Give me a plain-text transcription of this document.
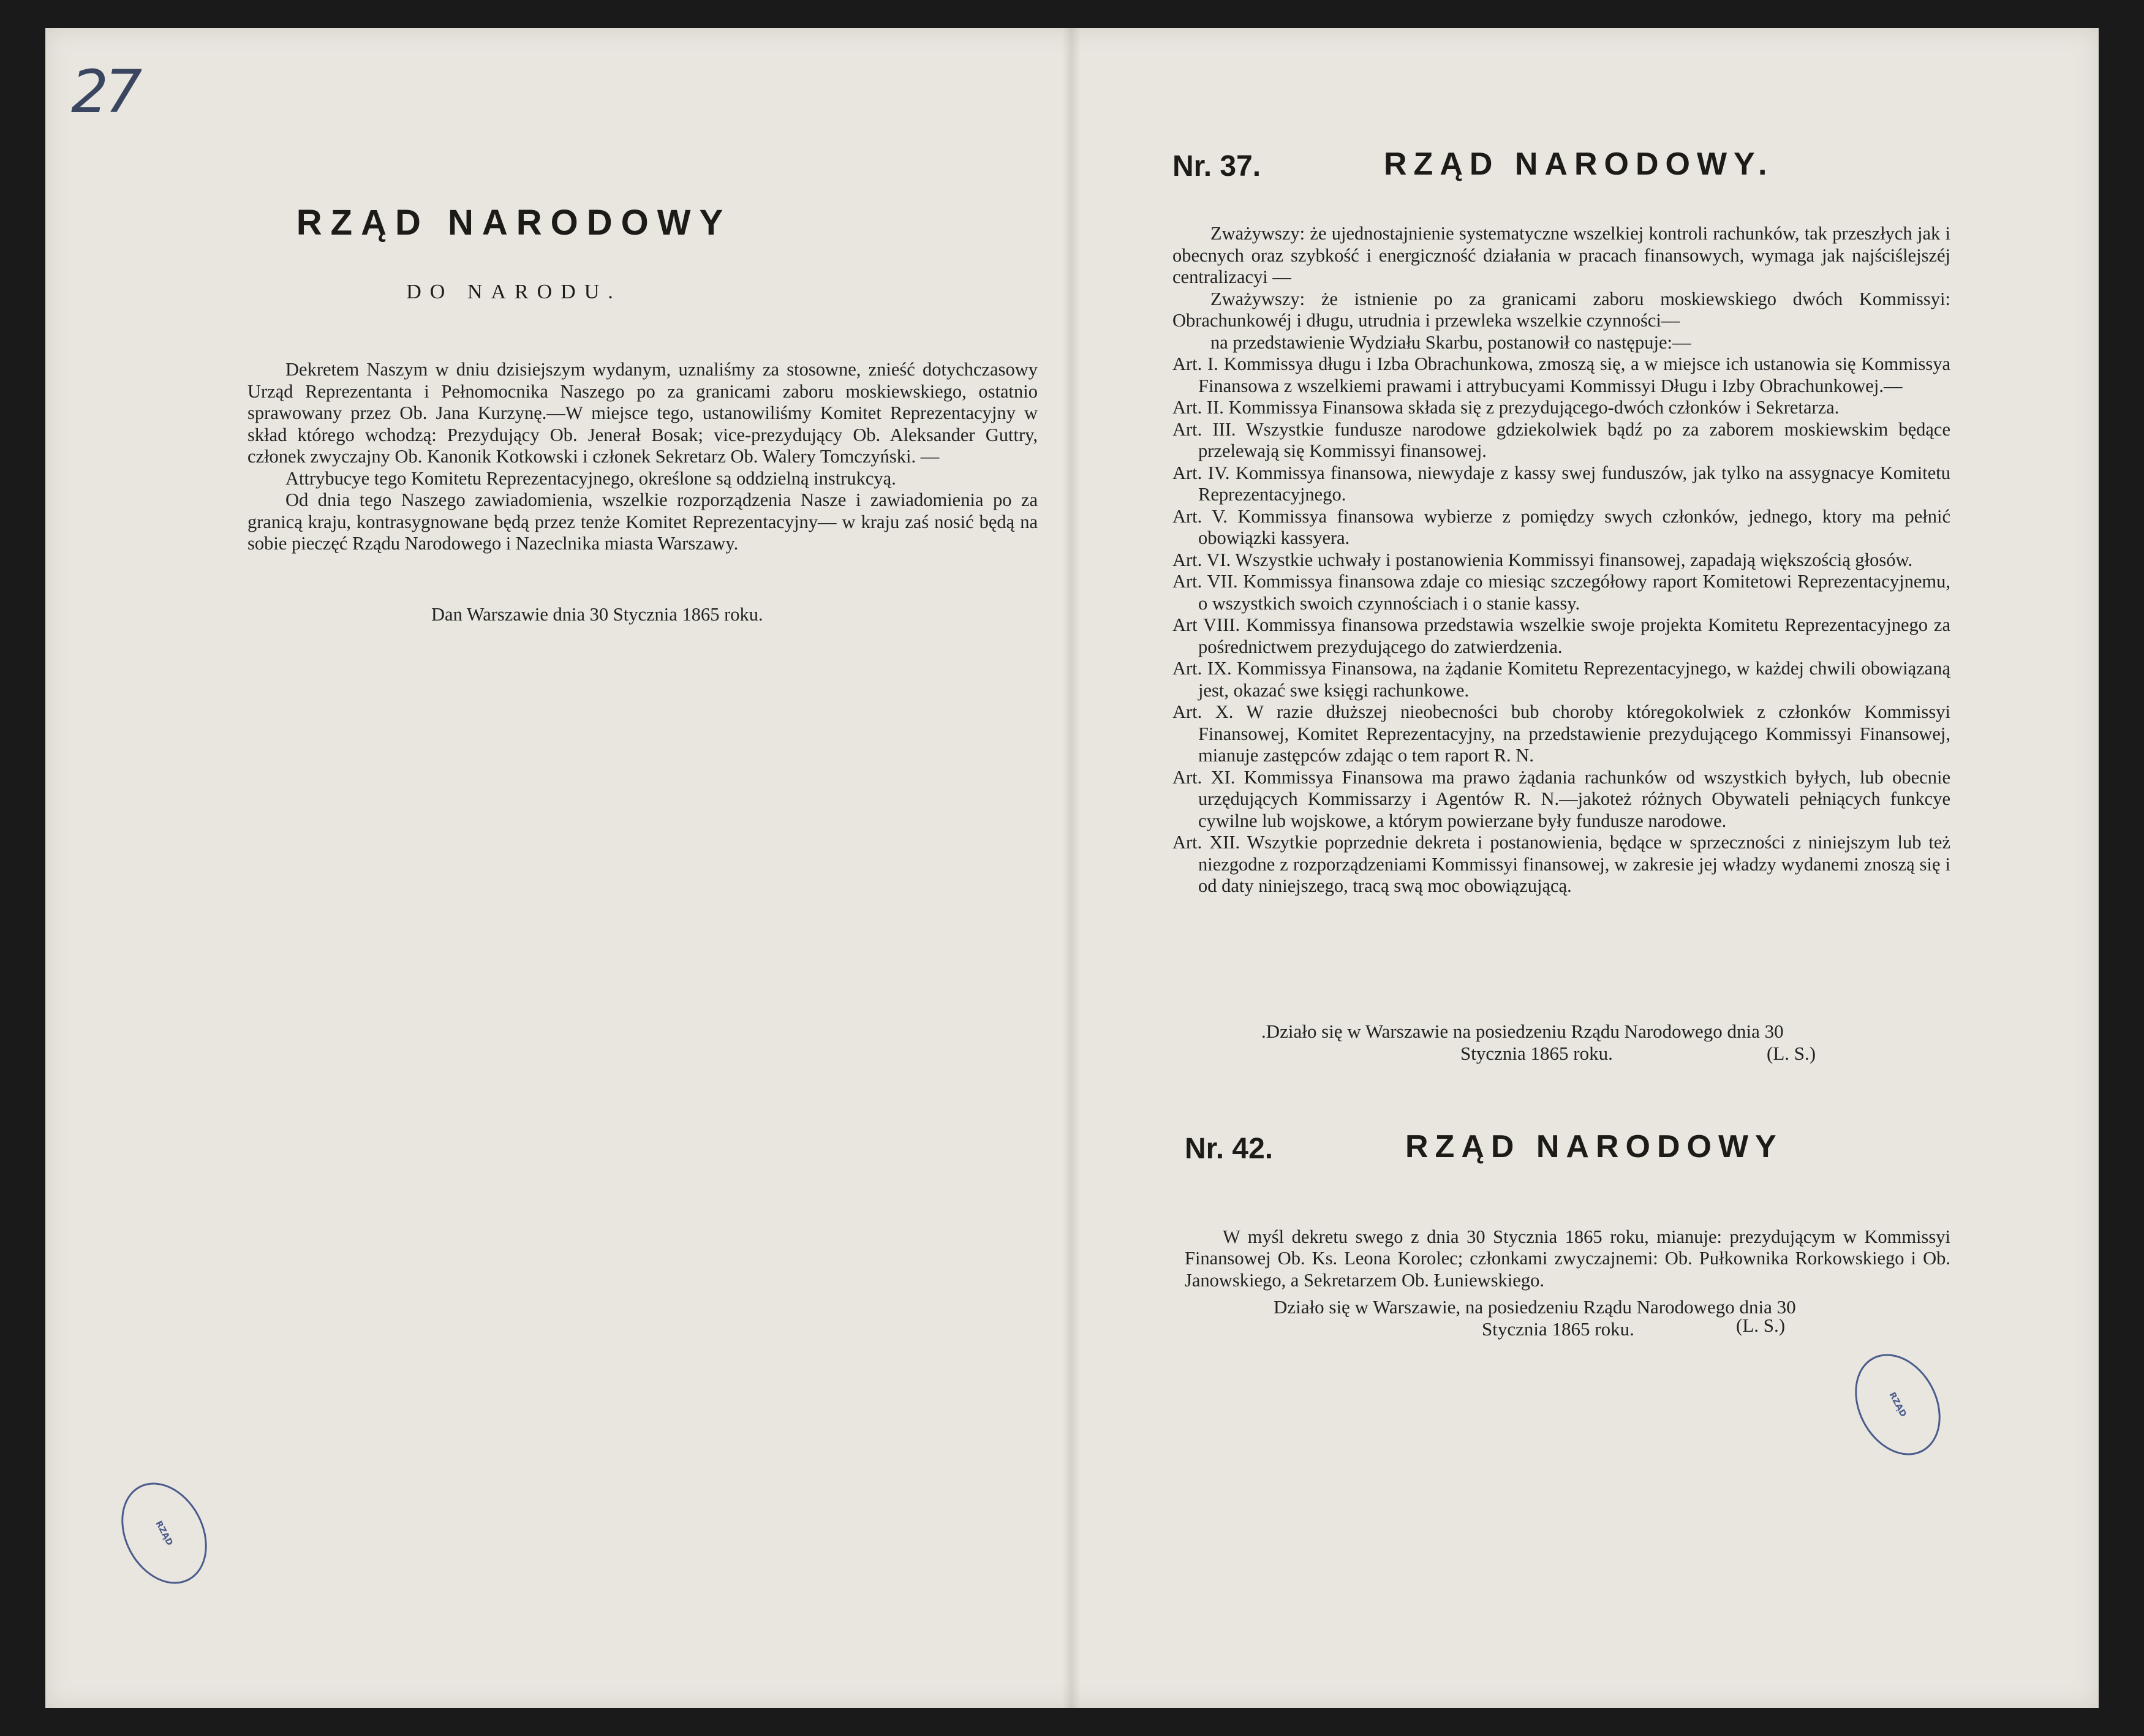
27
RZĄD NARODOWY
DO NARODU.

Dekretem Naszym w dniu dzisiejszym wydanym, uznaliśmy za stosowne, znieść dotychczasowy Urząd Reprezentanta i Pełnomocnika Naszego po za granicami zaboru moskiewskiego, ostatnio sprawowany przez Ob. Jana Kurzynę.—W miejsce tego, ustanowiliśmy Komitet Reprezentacyjny w skład którego wchodzą: Prezydujący Ob. Jenerał Bosak; vice-prezydujący Ob. Aleksander Guttry, członek zwyczajny Ob. Kanonik Kotkowski i członek Sekretarz Ob. Walery Tomczyński. —

Attrybucye tego Komitetu Reprezentacyjnego, określone są oddzielną instrukcyą.

Od dnia tego Naszego zawiadomienia, wszelkie rozporządzenia Nasze i zawiadomienia po za granicą kraju, kontrasygnowane będą przez tenże Komitet Reprezentacyjny— w kraju zaś nosić będą na sobie pieczęć Rządu Narodowego i Nazeclnika miasta Warszawy.

Dan Warszawie dnia 30 Stycznia 1865 roku.
RZĄD
Nr. 37.	RZĄD NARODOWY.

Zważywszy: że ujednostajnienie systematyczne wszelkiej kontroli rachunków, tak przeszłych jak i obecnych oraz szybkość i energiczność działania w pracach finansowych, wymaga jak najściślejszéj centralizacyi —

Zważywszy: że istnienie po za granicami zaboru moskiewskiego dwóch Kommissyi: Obrachunkowéj i długu, utrudnia i przewleka wszelkie czynności—

na przedstawienie Wydziału Skarbu, postanowił co następuje:—

Art. I. Kommissya długu i Izba Obrachunkowa, zmoszą się, a w miejsce ich ustanowia się Kommissya Finansowa z wszelkiemi prawami i attrybucyami Kommissyi Długu i Izby Obrachunkowej.—

Art. II. Kommissya Finansowa składa się z prezydującego-dwóch członków i Sekretarza.

Art. III. Wszystkie fundusze narodowe gdziekolwiek bądź po za zaborem moskiewskim będące przelewają się Kommissyi finansowej.

Art. IV. Kommissya finansowa, niewydaje z kassy swej funduszów, jak tylko na assygnacye Komitetu Reprezentacyjnego.

Art. V. Kommissya finansowa wybierze z pomiędzy swych członków, jednego, ktory ma pełnić obowiązki kassyera.

Art. VI. Wszystkie uchwały i postanowienia Kommissyi finansowej, zapadają większością głosów.

Art. VII. Kommissya finansowa zdaje co miesiąc szczegółowy raport Komitetowi Reprezentacyjnemu, o wszystkich swoich czynnościach i o stanie kassy.

Art VIII. Kommissya finansowa przedstawia wszelkie swoje projekta Komitetu Reprezentacyjnego za pośrednictwem prezydującego do zatwierdzenia.

Art. IX. Kommissya Finansowa, na żądanie Komitetu Reprezentacyjnego, w każdej chwili obowiązaną jest, okazać swe księgi rachunkowe.

Art. X. W razie dłuższej nieobecności bub choroby któregokolwiek z członków Kommissyi Finansowej, Komitet Reprezentacyjny, na przedstawienie prezydującego Kommissyi Finansowej, mianuje zastępców zdając o tem raport R. N.

Art. XI. Kommissya Finansowa ma prawo żądania rachunków od wszystkich byłych, lub obecnie urzędujących Kommissarzy i Agentów R. N.—jakoteż różnych Obywateli pełniących funkcye cywilne lub wojskowe, a którym powierzane były fundusze narodowe.

Art. XII. Wszytkie poprzednie dekreta i postanowienia, będące w sprzeczności z niniejszym lub też niezgodne z rozporządzeniami Kommissyi finansowej, w zakresie jej władzy wydanemi znoszą się i od daty niniejszego, tracą swą moc obowiązującą.

.Działo się w Warszawie na posiedzeniu Rządu Narodowego dnia 30
Stycznia 1865 roku.	(L. S.)
Nr. 42.	RZĄD NARODOWY

W myśl dekretu swego z dnia 30 Stycznia 1865 roku, mianuje: prezydującym w Kommissyi Finansowej Ob. Ks. Leona Korolec; członkami zwyczajnemi: Ob. Pułkownika Rorkowskiego i Ob. Janowskiego, a Sekretarzem Ob. Łuniewskiego.

Działo się w Warszawie, na posiedzeniu Rządu Narodowego dnia 30
Stycznia 1865 roku.	(L. S.)
RZĄD
